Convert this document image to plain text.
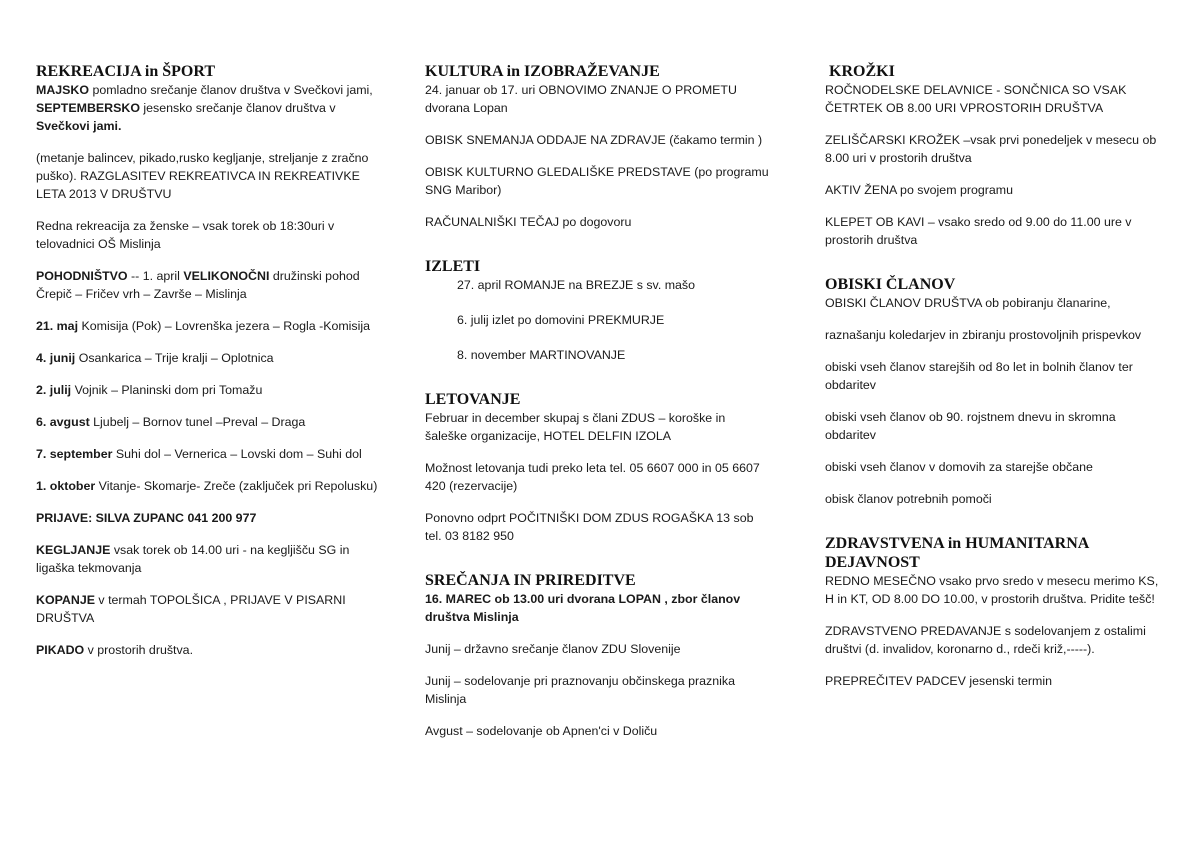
REKREACIJA in ŠPORT

MAJSKO pomladno srečanje članov društva v Svečkovi jami, SEPTEMBERSKO jesensko srečanje članov društva v Svečkovi jami.

(metanje balincev, pikado,rusko kegljanje, streljanje z zračno puško). RAZGLASITEV REKREATIVCA IN REKREATIVKE LETA 2013 V DRUŠTVU

Redna rekreacija za ženske – vsak torek ob 18:30uri v telovadnici OŠ Mislinja

POHODNIŠTVO -- 1. april VELIKONOČNI družinski pohod Črepič – Fričev vrh – Završe – Mislinja

21. maj Komisija (Pok) – Lovrenška jezera – Rogla -Komisija

4. junij Osankarica – Trije kralji – Oplotnica

2. julij Vojnik – Planinski dom pri Tomažu

6. avgust Ljubelj – Bornov tunel –Preval – Draga

7. september Suhi dol – Vernerica – Lovski dom – Suhi dol

1. oktober Vitanje- Skomarje- Zreče (zaključek pri Repolusku)

PRIJAVE: SILVA ZUPANC 041 200 977

KEGLJANJE vsak torek ob 14.00 uri - na kegljišču SG in ligaška tekmovanja

KOPANJE v termah TOPOLŠICA , PRIJAVE V PISARNI DRUŠTVA

PIKADO v prostorih društva.

KULTURA in IZOBRAŽEVANJE

24. januar ob 17. uri OBNOVIMO ZNANJE O PROMETU dvorana Lopan

OBISK SNEMANJA ODDAJE NA ZDRAVJE (čakamo termin )

OBISK KULTURNO GLEDALIŠKE PREDSTAVE (po programu SNG Maribor)

RAČUNALNIŠKI TEČAJ po dogovoru

IZLETI

27. april ROMANJE na BREZJE s sv. mašo

6. julij izlet po domovini PREKMURJE

8. november MARTINOVANJE

LETOVANJE

Februar in december skupaj s člani ZDUS – koroške in šaleške organizacije, HOTEL DELFIN IZOLA

Možnost letovanja tudi preko leta tel. 05 6607 000 in 05 6607 420 (rezervacije)

Ponovno odprt POČITNIŠKI DOM ZDUS ROGAŠKA 13 sob tel. 03 8182 950

SREČANJA IN PRIREDITVE

16. MAREC ob 13.00 uri dvorana LOPAN , zbor članov društva Mislinja

Junij – državno srečanje članov ZDU Slovenije

Junij – sodelovanje pri praznovanju občinskega praznika Mislinja

Avgust – sodelovanje ob Apnen'ci v Doliču

KROŽKI

ROČNODELSKE DELAVNICE - SONČNICA SO VSAK ČETRTEK OB 8.00 URI VPROSTORIH DRUŠTVA

ZELIŠČARSKI KROŽEK –vsak prvi ponedeljek v mesecu ob 8.00 uri v prostorih društva

AKTIV ŽENA po svojem programu

KLEPET OB KAVI – vsako sredo od 9.00 do 11.00 ure v prostorih društva

OBISKI ČLANOV

OBISKI ČLANOV DRUŠTVA ob pobiranju članarine,

raznašanju koledarjev in zbiranju prostovoljnih prispevkov

obiski vseh članov starejših od 8o let in bolnih članov ter obdaritev

obiski vseh članov ob 90. rojstnem dnevu in skromna obdaritev

obiski vseh članov v domovih za starejše občane

obisk članov potrebnih pomoči

ZDRAVSTVENA in HUMANITARNA DEJAVNOST

REDNO MESEČNO vsako prvo sredo v mesecu merimo KS, H in KT, OD 8.00 DO 10.00, v prostorih društva. Pridite tešč!

ZDRAVSTVENO PREDAVANJE s sodelovanjem z ostalimi društvi (d. invalidov, koronarno d., rdeči križ,-----).

PREPREČITEV PADCEV jesenski termin
